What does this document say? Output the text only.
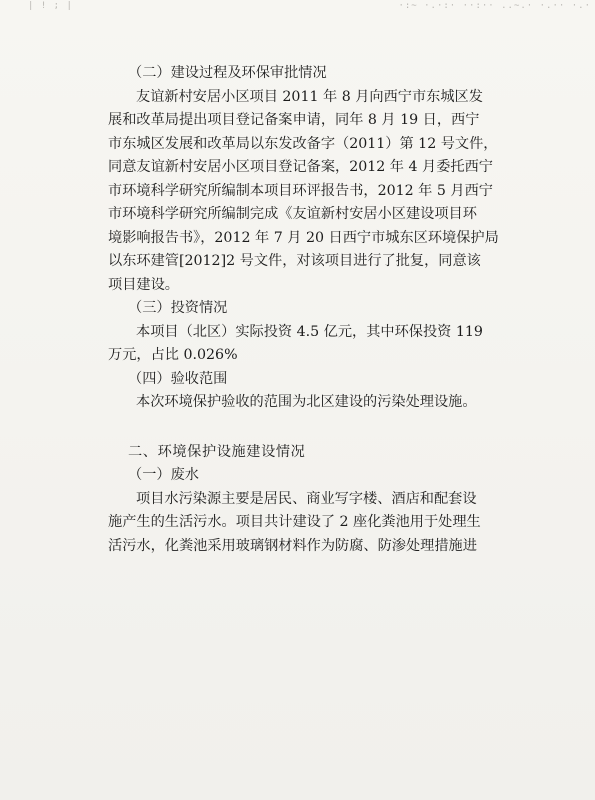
| ! ; |	·:~ ·.·:· ··:·· ..~.· ·.·· ·.·
（二）建设过程及环保审批情况
友谊新村安居小区项目 2011 年 8 月向西宁市东城区发
展和改革局提出项目登记备案申请，同年 8 月 19 日，西宁
市东城区发展和改革局以东发改备字（2011）第 12 号文件，
同意友谊新村安居小区项目登记备案，2012 年 4 月委托西宁
市环境科学研究所编制本项目环评报告书，2012 年 5 月西宁
市环境科学研究所编制完成《友谊新村安居小区建设项目环
境影响报告书》，2012 年 7 月 20 日西宁市城东区环境保护局
以东环建管[2012]2 号文件，对该项目进行了批复，同意该
项目建设。
（三）投资情况
本项目（北区）实际投资 4.5 亿元，其中环保投资 119
万元，占比 0.026%
（四）验收范围
本次环境保护验收的范围为北区建设的污染处理设施。
二、环境保护设施建设情况
（一）废水
项目水污染源主要是居民、商业写字楼、酒店和配套设
施产生的生活污水。项目共计建设了 2 座化粪池用于处理生
活污水，化粪池采用玻璃钢材料作为防腐、防渗处理措施进
